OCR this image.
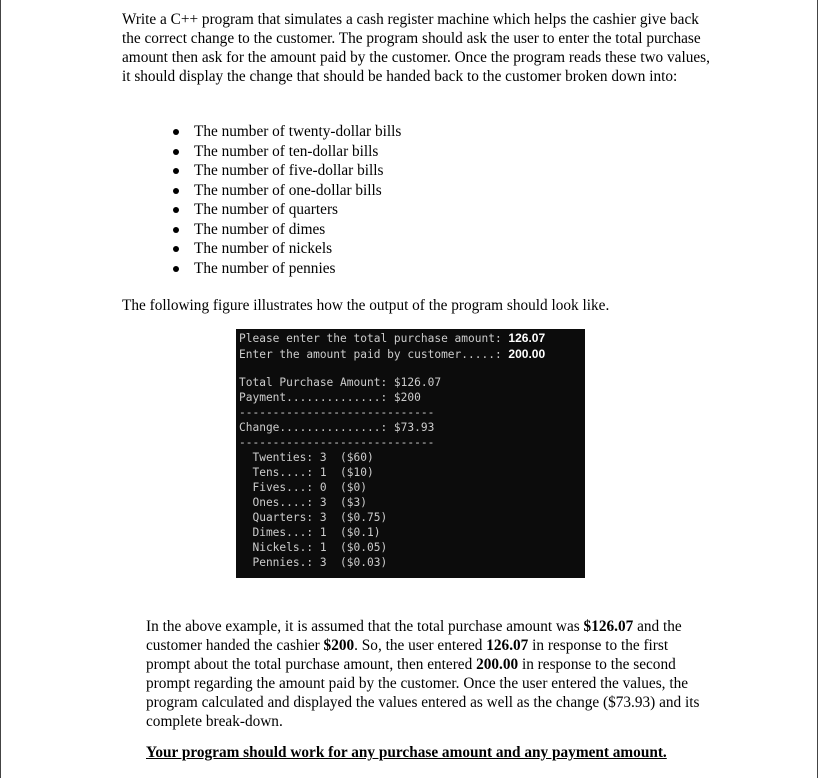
Write a C++ program that simulates a cash register machine which helps the cashier give back the correct change to the customer. The program should ask the user to enter the total purchase amount then ask for the amount paid by the customer. Once the program reads these two values, it should display the change that should be handed back to the customer broken down into:

The number of twenty-dollar bills
The number of ten-dollar bills
The number of five-dollar bills
The number of one-dollar bills
The number of quarters
The number of dimes
The number of nickels
The number of pennies

The following figure illustrates how the output of the program should look like.

Please enter the total purchase amount: 126.07
Enter the amount paid by customer.....: 200.00
Total Purchase Amount: $126.07
Payment..............: $200
-----------------------------
Change...............: $73.93
-----------------------------
Twenties: 3  ($60)
Tens....: 1  ($10)
Fives...: 0  ($0)
Ones....: 3  ($3)
Quarters: 3  ($0.75)
Dimes...: 1  ($0.1)
Nickels.: 1  ($0.05)
Pennies.: 3  ($0.03)

In the above example, it is assumed that the total purchase amount was $126.07 and the customer handed the cashier $200. So, the user entered 126.07 in response to the first prompt about the total purchase amount, then entered 200.00 in response to the second prompt regarding the amount paid by the customer. Once the user entered the values, the program calculated and displayed the values entered as well as the change ($73.93) and its complete break-down.

Your program should work for any purchase amount and any payment amount.
